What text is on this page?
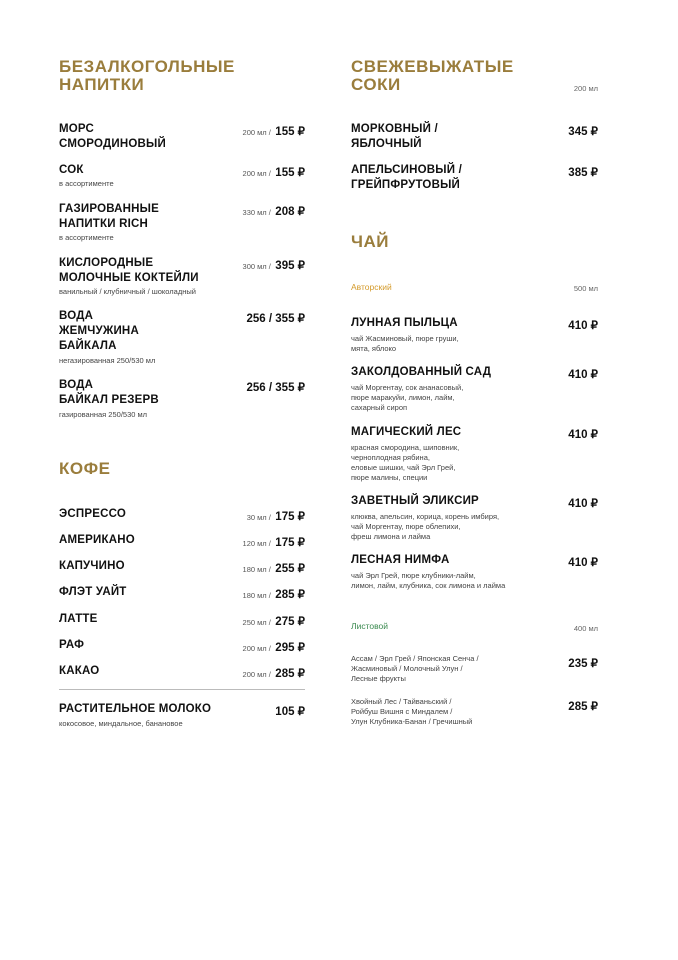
БЕЗАЛКОГОЛЬНЫЕ
НАПИТКИ
МОРС
СМОРОДИНОВЫЙ
200 мл / 155 ₽
СОК
в ассортименте
200 мл / 155 ₽
ГАЗИРОВАННЫЕ
НАПИТКИ RICH
в ассортименте
330 мл / 208 ₽
КИСЛОРОДНЫЕ
МОЛОЧНЫЕ КОКТЕЙЛИ
ванильный / клубничный / шоколадный
300 мл / 395 ₽
ВОДА
ЖЕМЧУЖИНА
БАЙКАЛА
негазированная 250/530 мл
256 / 355 ₽
ВОДА
БАЙКАЛ РЕЗЕРВ
газированная 250/530 мл
256 / 355 ₽
КОФЕ
ЭСПРЕССО	30 мл / 175 ₽
АМЕРИКАНО	120 мл / 175 ₽
КАПУЧИНО	180 мл / 255 ₽
ФЛЭТ УАЙТ	180 мл / 285 ₽
ЛАТТЕ	250 мл / 275 ₽
РАФ	200 мл / 295 ₽
КАКАО	200 мл / 285 ₽
РАСТИТЕЛЬНОЕ МОЛОКО
кокосовое, миндальное, банановое
105 ₽
СВЕЖЕВЫЖАТЫЕ
СОКИ	200 мл
МОРКОВНЫЙ /
ЯБЛОЧНЫЙ
345 ₽
АПЕЛЬСИНОВЫЙ /
ГРЕЙПФРУТОВЫЙ
385 ₽
ЧАЙ
Авторский	500 мл
ЛУННАЯ ПЫЛЬЦА
чай Жасминовый, пюре груши,
мята, яблоко
410 ₽
ЗАКОЛДОВАННЫЙ САД
чай Моргентау, сок ананасовый,
пюре маракуйи, лимон, лайм,
сахарный сироп
410 ₽
МАГИЧЕСКИЙ ЛЕС
красная смородина, шиповник,
черноплодная рябина,
еловые шишки, чай Эрл Грей,
пюре малины, специи
410 ₽
ЗАВЕТНЫЙ ЭЛИКСИР
клюква, апельсин, корица, корень имбиря,
чай Моргентау, пюре облепихи,
фреш лимона и лайма
410 ₽
ЛЕСНАЯ НИМФА
чай Эрл Грей, пюре клубники-лайм,
лимон, лайм, клубника, сок лимона и лайма
410 ₽
Листовой	400 мл
Ассам / Эрл Грей / Японская Сенча /
Жасминовый / Молочный Улун /
Лесные фрукты
235 ₽
Хвойный Лес / Тайваньский /
Ройбуш Вишня с Миндалем /
Улун Клубника-Банан / Гречишный
285 ₽
